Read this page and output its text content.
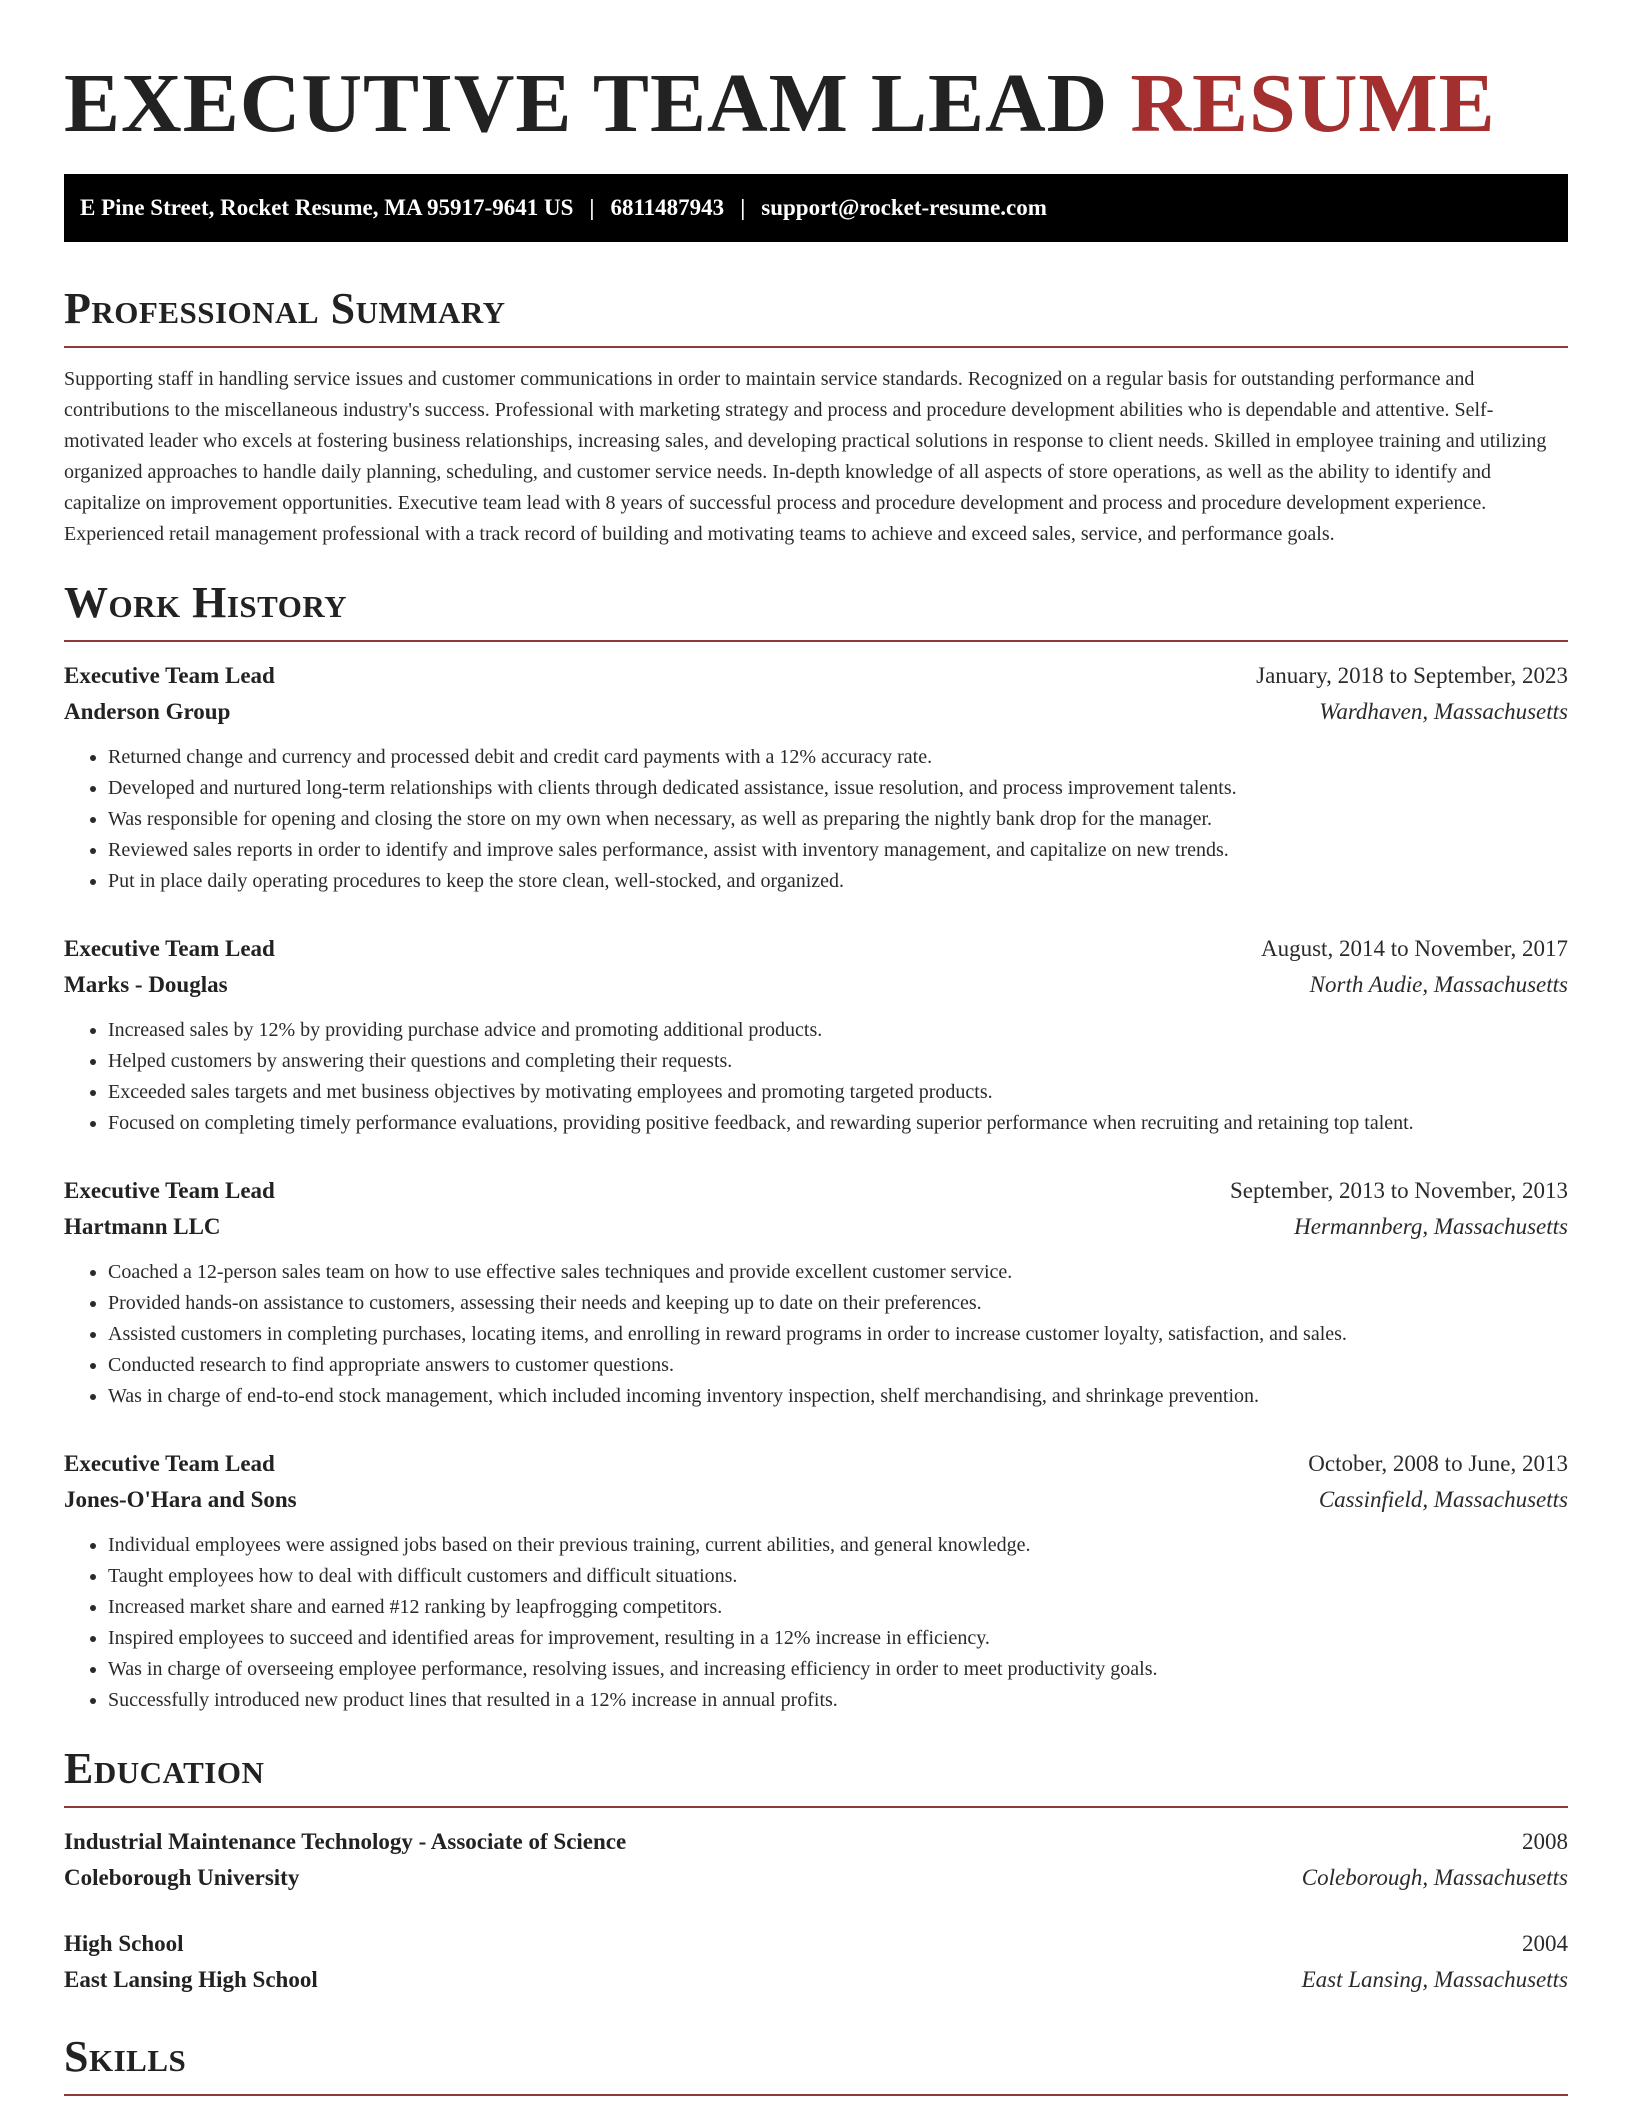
EXECUTIVE TEAM LEAD RESUME
E Pine Street, Rocket Resume, MA 95917-9641 US | 6811487943 | support@rocket-resume.com
Professional Summary
Supporting staff in handling service issues and customer communications in order to maintain service standards. Recognized on a regular basis for outstanding performance and contributions to the miscellaneous industry's success. Professional with marketing strategy and process and procedure development abilities who is dependable and attentive. Self-motivated leader who excels at fostering business relationships, increasing sales, and developing practical solutions in response to client needs. Skilled in employee training and utilizing organized approaches to handle daily planning, scheduling, and customer service needs. In-depth knowledge of all aspects of store operations, as well as the ability to identify and capitalize on improvement opportunities. Executive team lead with 8 years of successful process and procedure development and process and procedure development experience. Experienced retail management professional with a track record of building and motivating teams to achieve and exceed sales, service, and performance goals.
Work History
Executive Team Lead	January, 2018 to September, 2023
Anderson Group	Wardhaven, Massachusetts
• Returned change and currency and processed debit and credit card payments with a 12% accuracy rate.
• Developed and nurtured long-term relationships with clients through dedicated assistance, issue resolution, and process improvement talents.
• Was responsible for opening and closing the store on my own when necessary, as well as preparing the nightly bank drop for the manager.
• Reviewed sales reports in order to identify and improve sales performance, assist with inventory management, and capitalize on new trends.
• Put in place daily operating procedures to keep the store clean, well-stocked, and organized.
Executive Team Lead	August, 2014 to November, 2017
Marks - Douglas	North Audie, Massachusetts
• Increased sales by 12% by providing purchase advice and promoting additional products.
• Helped customers by answering their questions and completing their requests.
• Exceeded sales targets and met business objectives by motivating employees and promoting targeted products.
• Focused on completing timely performance evaluations, providing positive feedback, and rewarding superior performance when recruiting and retaining top talent.
Executive Team Lead	September, 2013 to November, 2013
Hartmann LLC	Hermannberg, Massachusetts
• Coached a 12-person sales team on how to use effective sales techniques and provide excellent customer service.
• Provided hands-on assistance to customers, assessing their needs and keeping up to date on their preferences.
• Assisted customers in completing purchases, locating items, and enrolling in reward programs in order to increase customer loyalty, satisfaction, and sales.
• Conducted research to find appropriate answers to customer questions.
• Was in charge of end-to-end stock management, which included incoming inventory inspection, shelf merchandising, and shrinkage prevention.
Executive Team Lead	October, 2008 to June, 2013
Jones-O'Hara and Sons	Cassinfield, Massachusetts
• Individual employees were assigned jobs based on their previous training, current abilities, and general knowledge.
• Taught employees how to deal with difficult customers and difficult situations.
• Increased market share and earned #12 ranking by leapfrogging competitors.
• Inspired employees to succeed and identified areas for improvement, resulting in a 12% increase in efficiency.
• Was in charge of overseeing employee performance, resolving issues, and increasing efficiency in order to meet productivity goals.
• Successfully introduced new product lines that resulted in a 12% increase in annual profits.
Education
Industrial Maintenance Technology - Associate of Science	2008
Coleborough University	Coleborough, Massachusetts
High School	2004
East Lansing High School	East Lansing, Massachusetts
Skills
